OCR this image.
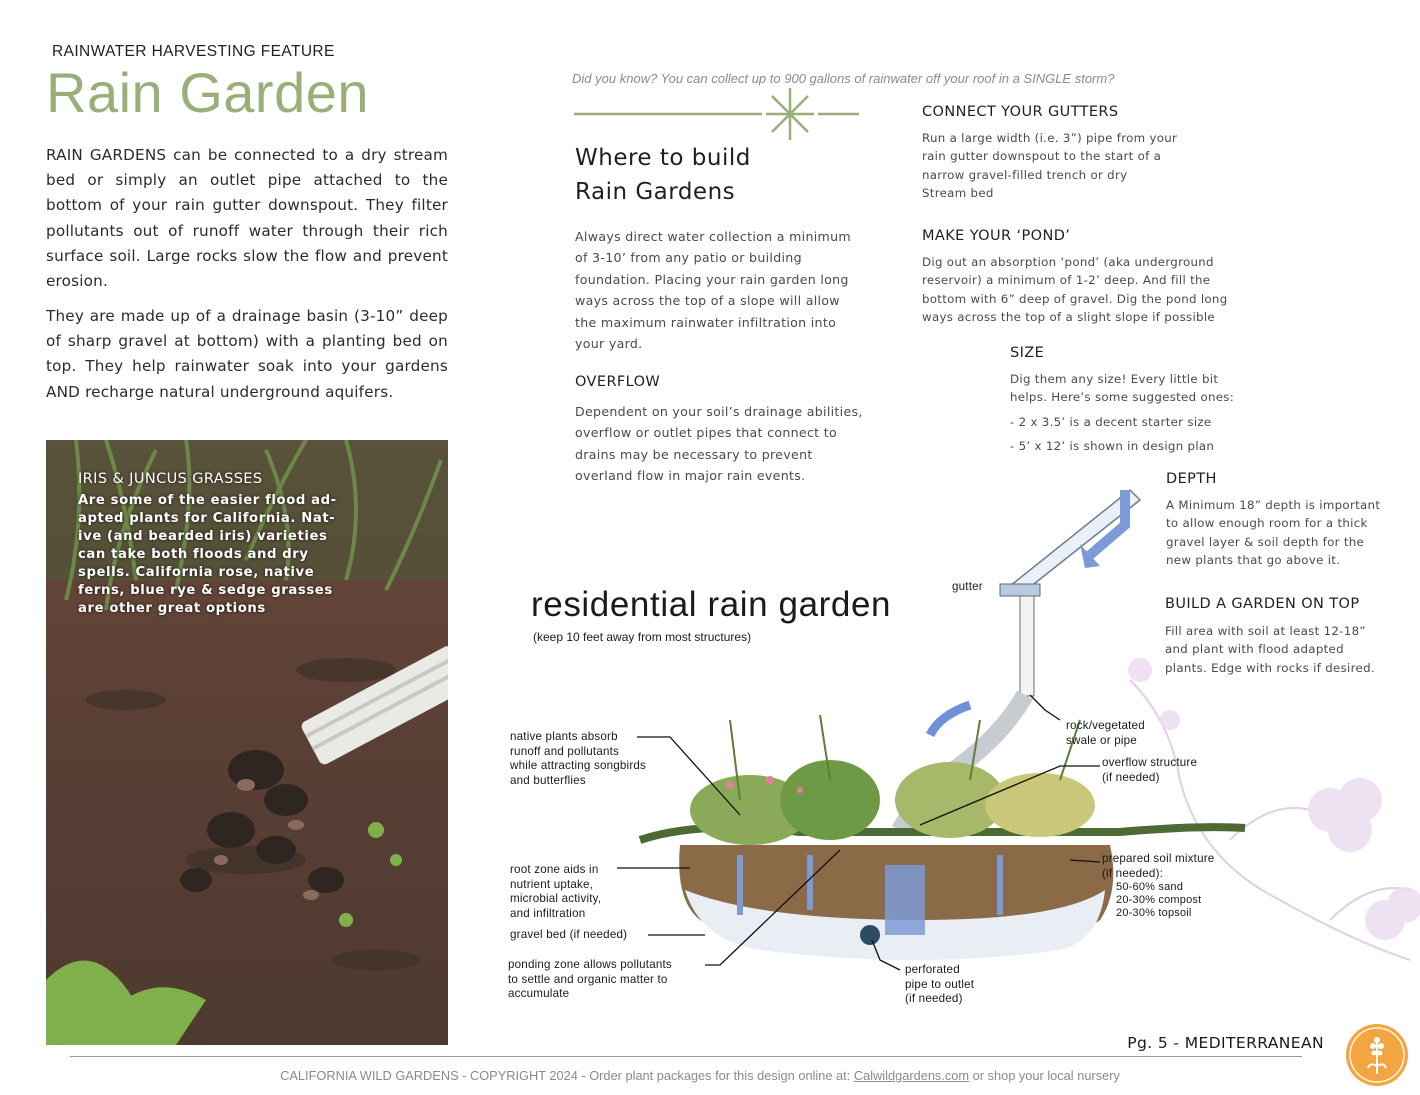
RAINWATER HARVESTING FEATURE
Rain Garden
RAIN GARDENS can be connected to a dry stream bed or simply an outlet pipe attached to the bottom of your rain gutter downspout. They filter pollutants out of runoff water through their rich surface soil. Large rocks slow the flow and prevent erosion.
They are made up of a drainage basin (3-10” deep of sharp gravel at bottom) with a planting bed on top. They help rainwater soak into your gardens AND recharge natural underground aquifers.
IRIS & JUNCUS GRASSES
Are some of the easier flood ad-
apted plants for California. Nat-
ive (and bearded iris) varieties
can take both floods and dry
spells. California rose, native
ferns, blue rye & sedge grasses
are other great options
Did you know? You can collect up to 900 gallons of rainwater off your roof in a SINGLE storm?
Where to build
Rain Gardens
Always direct water collection a minimum
of 3-10’ from any patio or building
foundation. Placing your rain garden long
ways across the top of a slope will allow
the maximum rainwater infiltration into
your yard.
OVERFLOW
Dependent on your soil’s drainage abilities,
overflow or outlet pipes that connect to
drains may be necessary to prevent
overland flow in major rain events.
CONNECT YOUR GUTTERS
Run a large width (i.e. 3”) pipe from your
rain gutter downspout to the start of a
narrow gravel-filled trench or dry
Stream bed
MAKE YOUR ‘POND’
Dig out an absorption ‘pond’ (aka underground
reservoir) a minimum of 1-2’ deep. And fill the
bottom with 6” deep of gravel. Dig the pond long
ways across the top of a slight slope if possible
SIZE
Dig them any size! Every little bit
helps. Here’s some suggested ones:
- 2 x 3.5’ is a decent starter size
- 5’ x 12’ is shown in design plan
DEPTH
A Minimum 18” depth is important
to allow enough room for a thick
gravel layer & soil depth for the
new plants that go above it.
BUILD A GARDEN ON TOP
Fill area with soil at least 12-18”
and plant with flood adapted
plants. Edge with rocks if desired.
residential rain garden
(keep 10 feet away from most structures)
gutter
native plants absorb
runoff and pollutants
while attracting songbirds
and butterflies
root zone aids in
nutrient uptake,
microbial activity,
and infiltration
gravel bed (if needed)
ponding zone allows pollutants
to settle and organic matter to
accumulate
perforated
pipe to outlet
(if needed)
rock/vegetated
swale or pipe
overflow structure
(if needed)
prepared soil mixture
(if needed):
50-60% sand
20-30% compost
20-30% topsoil
Pg. 5 - MEDITERRANEAN
CALIFORNIA WILD GARDENS - COPYRIGHT 2024 - Order plant packages for this design online at: Calwildgardens.com or shop your local nursery
